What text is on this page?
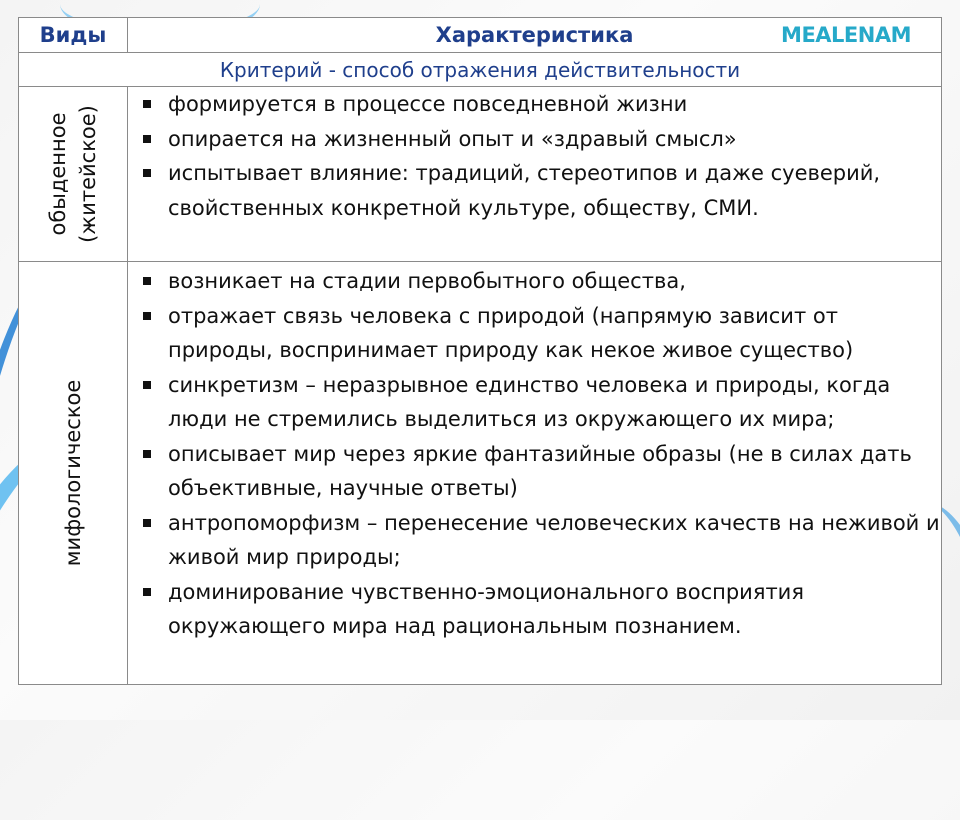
Виды	Характеристика	MEALENAM
Критерий - способ отражения действительности
обыденное (житейское)
формируется в процессе повседневной жизни
опирается на жизненный опыт и «здравый смысл»
испытывает влияние: традиций, стереотипов и даже суеверий, свойственных конкретной культуре, обществу, СМИ.
мифологическое
возникает на стадии первобытного общества,
отражает связь человека с природой (напрямую зависит от природы, воспринимает природу как некое живое существо)
синкретизм – неразрывное единство человека и природы, когда люди не стремились выделиться из окружающего их мира;
описывает мир через яркие фантазийные образы (не в силах дать объективные, научные ответы)
антропоморфизм – перенесение человеческих качеств на неживой и живой мир природы;
доминирование чувственно-эмоционального восприятия окружающего мира над рациональным познанием.
